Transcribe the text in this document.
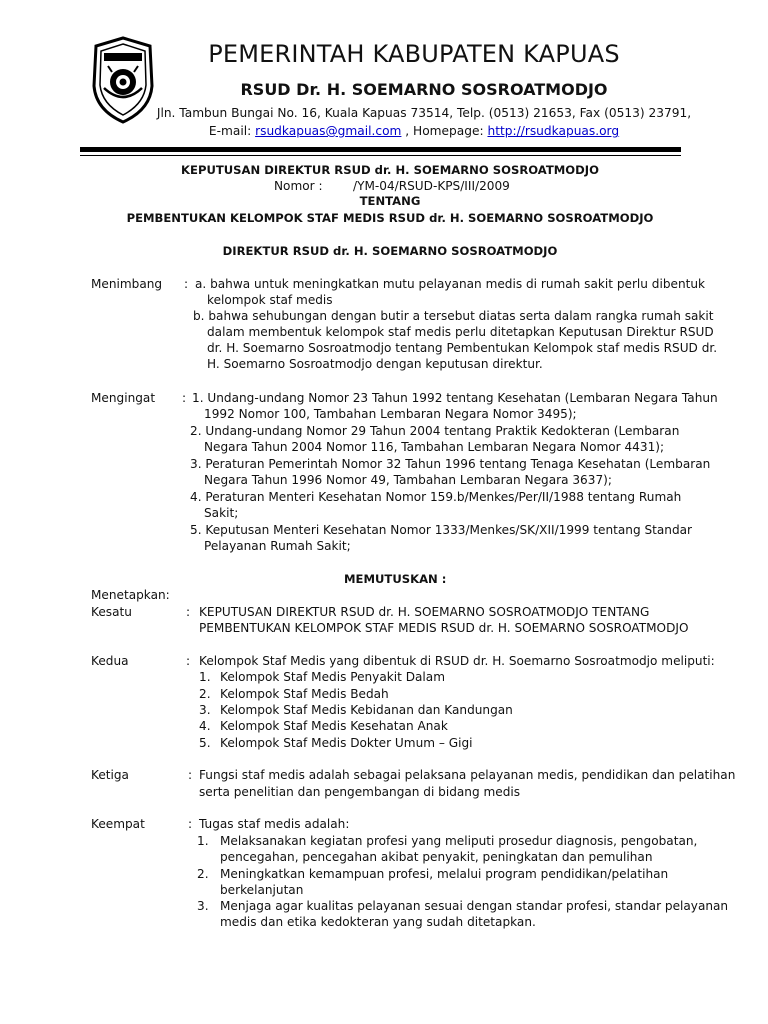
PEMERINTAH KABUPATEN KAPUAS
RSUD Dr. H. SOEMARNO SOSROATMODJO
Jln. Tambun Bungai No. 16, Kuala Kapuas 73514, Telp. (0513) 21653, Fax (0513) 23791,
E-mail: rsudkapuas@gmail.com , Homepage: http://rsudkapuas.org
KEPUTUSAN DIREKTUR RSUD dr. H. SOEMARNO SOSROATMODJO
Nomor :	/YM-04/RSUD-KPS/III/2009
TENTANG
PEMBENTUKAN KELOMPOK STAF MEDIS RSUD dr. H. SOEMARNO SOSROATMODJO
DIREKTUR RSUD dr. H. SOEMARNO SOSROATMODJO
Menimbang : a. bahwa untuk meningkatkan mutu pelayanan medis di rumah sakit perlu dibentuk
kelompok staf medis
b. bahwa sehubungan dengan butir a tersebut diatas serta dalam rangka rumah sakit
dalam membentuk kelompok staf medis perlu ditetapkan Keputusan Direktur RSUD
dr. H. Soemarno Sosroatmodjo tentang Pembentukan Kelompok staf medis RSUD dr.
H. Soemarno Sosroatmodjo dengan keputusan direktur.
Mengingat : 1. Undang-undang Nomor 23 Tahun 1992 tentang Kesehatan (Lembaran Negara Tahun
1992 Nomor 100, Tambahan Lembaran Negara Nomor 3495);
2. Undang-undang Nomor 29 Tahun 2004 tentang Praktik Kedokteran (Lembaran
Negara Tahun 2004 Nomor 116, Tambahan Lembaran Negara Nomor 4431);
3. Peraturan Pemerintah Nomor 32 Tahun 1996 tentang Tenaga Kesehatan (Lembaran
Negara Tahun 1996 Nomor 49, Tambahan Lembaran Negara 3637);
4. Peraturan Menteri Kesehatan Nomor 159.b/Menkes/Per/II/1988 tentang Rumah
Sakit;
5. Keputusan Menteri Kesehatan Nomor 1333/Menkes/SK/XII/1999 tentang Standar
Pelayanan Rumah Sakit;
MEMUTUSKAN :
Menetapkan:
Kesatu	: KEPUTUSAN DIREKTUR RSUD dr. H. SOEMARNO SOSROATMODJO TENTANG
PEMBENTUKAN KELOMPOK STAF MEDIS RSUD dr. H. SOEMARNO SOSROATMODJO
Kedua	: Kelompok Staf Medis yang dibentuk di RSUD dr. H. Soemarno Sosroatmodjo meliputi:
1. Kelompok Staf Medis Penyakit Dalam
2. Kelompok Staf Medis Bedah
3. Kelompok Staf Medis Kebidanan dan Kandungan
4. Kelompok Staf Medis Kesehatan Anak
5. Kelompok Staf Medis Dokter Umum – Gigi
Ketiga	: Fungsi staf medis adalah sebagai pelaksana pelayanan medis, pendidikan dan pelatihan
serta penelitian dan pengembangan di bidang medis
Keempat	: Tugas staf medis adalah:
1. Melaksanakan kegiatan profesi yang meliputi prosedur diagnosis, pengobatan,
pencegahan, pencegahan akibat penyakit, peningkatan dan pemulihan
2. Meningkatkan kemampuan profesi, melalui program pendidikan/pelatihan
berkelanjutan
3. Menjaga agar kualitas pelayanan sesuai dengan standar profesi, standar pelayanan
medis dan etika kedokteran yang sudah ditetapkan.
